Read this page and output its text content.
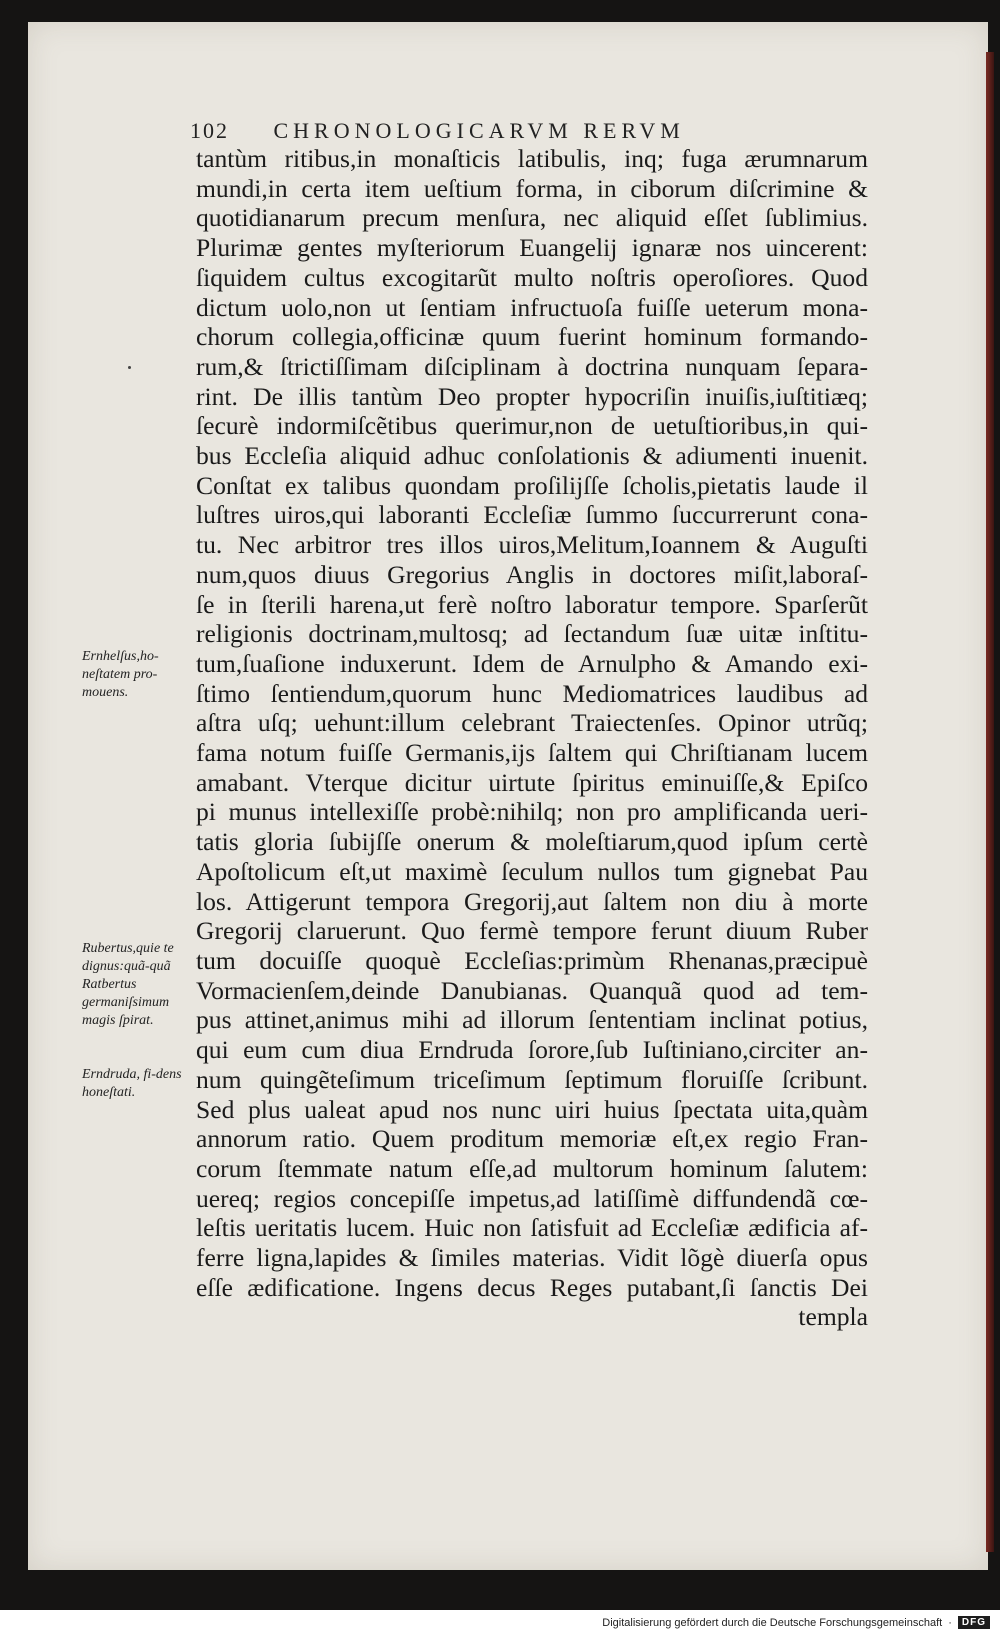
102 CHRONOLOGICARVM RERVM
tantùm ritibus,in monaſticis latibulis, inq; fuga ærumnarum
mundi,in certa item ueſtium forma, in ciborum diſcrimine &
quotidianarum precum menſura, nec aliquid eſſet ſublimius.
Plurimæ gentes myſteriorum Euangelij ignaræ nos uincerent:
ſiquidem cultus excogitarũt multo noſtris operoſiores. Quod
dictum uolo,non ut ſentiam infructuoſa fuiſſe ueterum mona-
chorum collegia,officinæ quum fuerint hominum formando-
rum,& ſtrictiſſimam diſciplinam à doctrina nunquam ſepara-
rint. De illis tantùm Deo propter hypocriſin inuiſis,iuſtitiæq;
ſecurè indormiſcẽtibus querimur,non de uetuſtioribus,in qui-
bus Eccleſia aliquid adhuc conſolationis & adiumenti inuenit.
Conſtat ex talibus quondam proſilijſſe ſcholis,pietatis laude il
luſtres uiros,qui laboranti Eccleſiæ ſummo ſuccurrerunt cona-
tu. Nec arbitror tres illos uiros,Melitum,Ioannem & Auguſti
num,quos diuus Gregorius Anglis in doctores miſit,laboraſ-
ſe in ſterili harena,ut ferè noſtro laboratur tempore. Sparſerũt
religionis doctrinam,multosq; ad ſectandum ſuæ uitæ inſtitu-
tum,ſuaſione induxerunt. Idem de Arnulpho & Amando exi-
ſtimo ſentiendum,quorum hunc Mediomatrices laudibus ad
aſtra uſq; uehunt:illum celebrant Traiectenſes. Opinor utrũq;
fama notum fuiſſe Germanis,ijs ſaltem qui Chriſtianam lucem
amabant. Vterque dicitur uirtute ſpiritus eminuiſſe,& Epiſco
pi munus intellexiſſe probè:nihilq; non pro amplificanda ueri-
tatis gloria ſubijſſe onerum & moleſtiarum,quod ipſum certè
Apoſtolicum eſt,ut maximè ſeculum nullos tum gignebat Pau
los. Attigerunt tempora Gregorij,aut ſaltem non diu à morte
Gregorij claruerunt. Quo fermè tempore ferunt diuum Ruber
tum docuiſſe quoquè Eccleſias:primùm Rhenanas,præcipuè
Vormacienſem,deinde Danubianas. Quanquã quod ad tem-
pus attinet,animus mihi ad illorum ſententiam inclinat potius,
qui eum cum diua Erndruda ſorore,ſub Iuſtiniano,circiter an-
num quingẽteſimum triceſimum ſeptimum floruiſſe ſcribunt.
Sed plus ualeat apud nos nunc uiri huius ſpectata uita,quàm
annorum ratio. Quem proditum memoriæ eſt,ex regio Fran-
corum ſtemmate natum eſſe,ad multorum hominum ſalutem:
uereq; regios concepiſſe impetus,ad latiſſimè diffundendã cœ-
leſtis ueritatis lucem. Huic non ſatisfuit ad Eccleſiæ ædificia af-
ferre ligna,lapides & ſimiles materias. Vidit lõgè diuerſa opus
eſſe ædificatione. Ingens decus Reges putabant,ſi ſanctis Dei
templa
Ernhelſus,ho-neſtatem pro-mouens.
Rubertus,quie te dignus:quã-quã Ratbertus germaniſsimum magis ſpirat.
Erndruda, fi-dens honeſtati.
Digitalisierung gefördert durch die Deutsche Forschungsgemeinschaft ·	DFG
